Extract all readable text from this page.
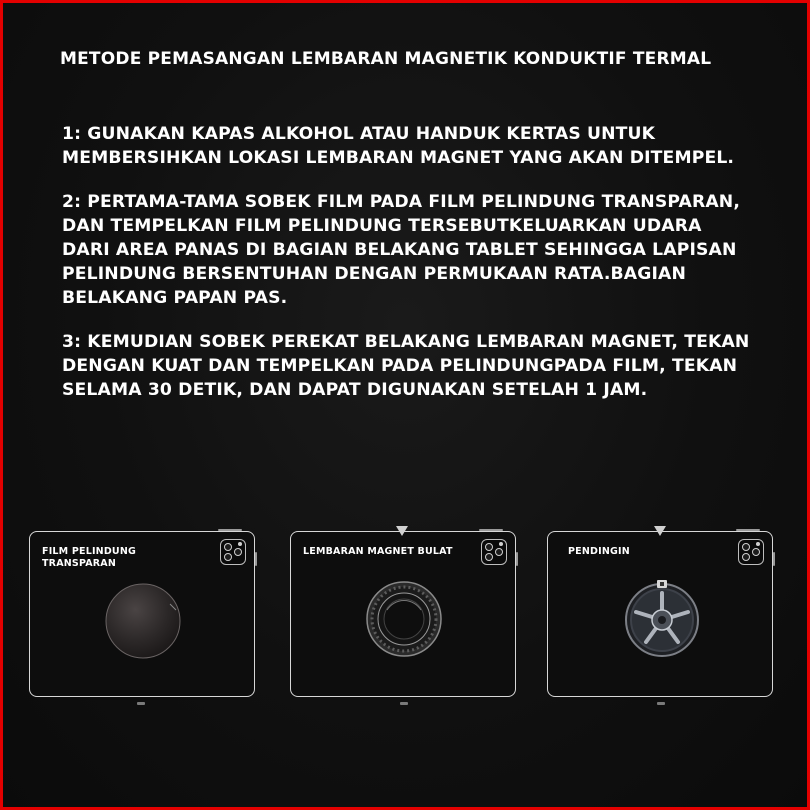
METODE PEMASANGAN LEMBARAN MAGNETIK KONDUKTIF TERMAL
1: GUNAKAN KAPAS ALKOHOL ATAU HANDUK KERTAS UNTUK
MEMBERSIHKAN LOKASI LEMBARAN MAGNET YANG AKAN DITEMPEL.
2: PERTAMA-TAMA SOBEK FILM PADA FILM PELINDUNG TRANSPARAN,
DAN TEMPELKAN FILM PELINDUNG TERSEBUTKELUARKAN UDARA
DARI AREA PANAS DI BAGIAN BELAKANG TABLET SEHINGGA LAPISAN
PELINDUNG BERSENTUHAN DENGAN PERMUKAAN RATA.BAGIAN
BELAKANG PAPAN PAS.
3: KEMUDIAN SOBEK PEREKAT BELAKANG LEMBARAN MAGNET, TEKAN
DENGAN KUAT DAN TEMPELKAN PADA PELINDUNGPADA FILM, TEKAN
SELAMA 30 DETIK, DAN DAPAT DIGUNAKAN SETELAH 1 JAM.
FILM PELINDUNG
TRANSPARAN
LEMBARAN MAGNET BULAT	PENDINGIN
